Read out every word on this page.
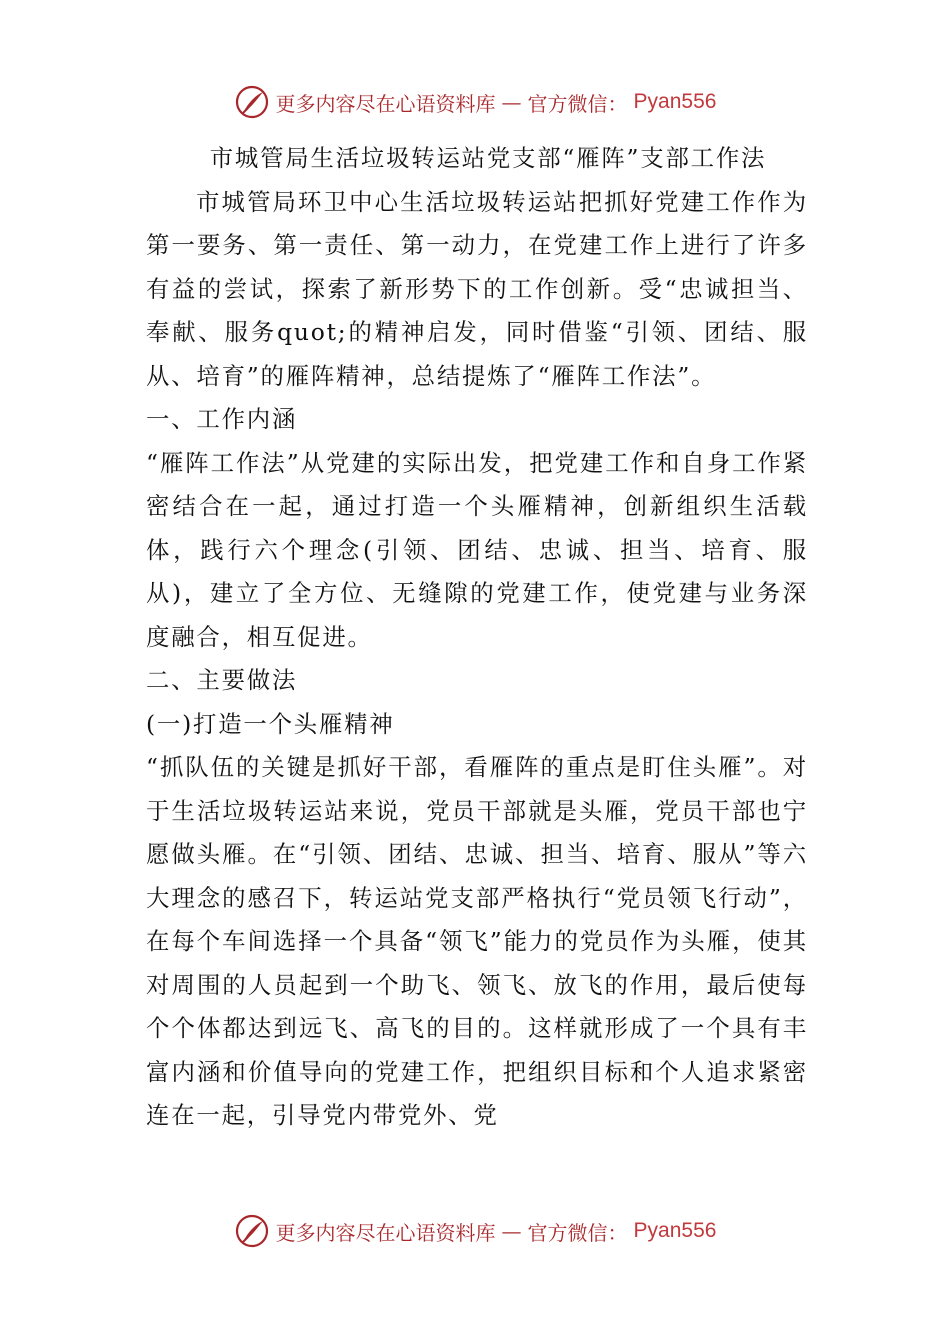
更多内容尽在心语资料库 — 官方微信： Pyan556

市城管局生活垃圾转运站党支部“雁阵”支部工作法

市城管局环卫中心生活垃圾转运站把抓好党建工作作为第一要务、第一责任、第一动力，在党建工作上进行了许多有益的尝试，探索了新形势下的工作创新。受“忠诚担当、奉献、服务quot;的精神启发，同时借鉴“引领、团结、服从、培育”的雁阵精神，总结提炼了“雁阵工作法”。

一、工作内涵

“雁阵工作法”从党建的实际出发，把党建工作和自身工作紧密结合在一起，通过打造一个头雁精神，创新组织生活载体，践行六个理念(引领、团结、忠诚、担当、培育、服从)，建立了全方位、无缝隙的党建工作，使党建与业务深度融合，相互促进。

二、主要做法

(一)打造一个头雁精神

“抓队伍的关键是抓好干部，看雁阵的重点是盯住头雁”。对于生活垃圾转运站来说，党员干部就是头雁，党员干部也宁愿做头雁。在“引领、团结、忠诚、担当、培育、服从”等六大理念的感召下，转运站党支部严格执行“党员领飞行动”，在每个车间选择一个具备“领飞”能力的党员作为头雁，使其对周围的人员起到一个助飞、领飞、放飞的作用，最后使每个个体都达到远飞、高飞的目的。这样就形成了一个具有丰富内涵和价值导向的党建工作，把组织目标和个人追求紧密连在一起，引导党内带党外、党

更多内容尽在心语资料库 — 官方微信： Pyan556
